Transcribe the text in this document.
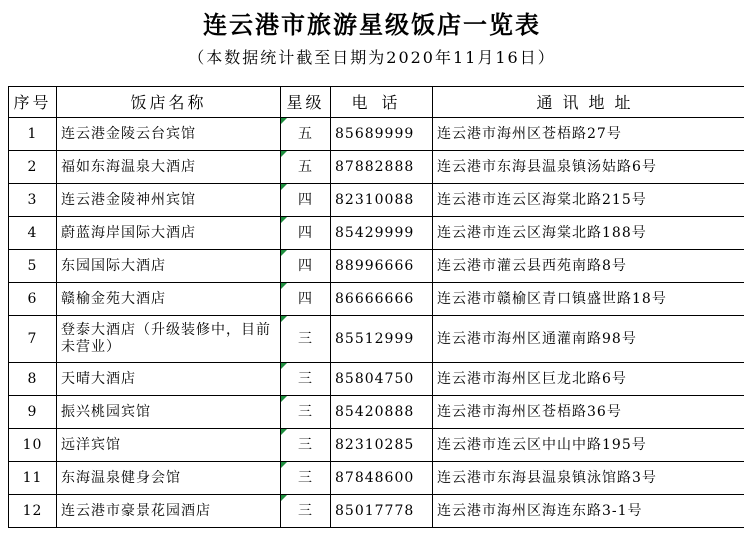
连云港市旅游星级饭店一览表
（本数据统计截至日期为2020年11月16日）
序号	饭店名称	星级	电话	通讯地址
1	连云港金陵云台宾馆	五	85689999	连云港市海州区苍梧路27号
2	福如东海温泉大酒店	五	87882888	连云港市东海县温泉镇汤姑路6号
3	连云港金陵神州宾馆	四	82310088	连云港市连云区海棠北路215号
4	蔚蓝海岸国际大酒店	四	85429999	连云港市连云区海棠北路188号
5	东园国际大酒店	四	88996666	连云港市灌云县西苑南路8号
6	赣榆金苑大酒店	四	86666666	连云港市赣榆区青口镇盛世路18号
7	登泰大酒店（升级装修中，目前未营业）	三	85512999	连云港市海州区通灌南路98号
8	天晴大酒店	三	85804750	连云港市海州区巨龙北路6号
9	振兴桃园宾馆	三	85420888	连云港市海州区苍梧路36号
10	远洋宾馆	三	82310285	连云港市连云区中山中路195号
11	东海温泉健身会馆	三	87848600	连云港市东海县温泉镇泳馆路3号
12	连云港市豪景花园酒店	三	85017778	连云港市海州区海连东路3-1号
